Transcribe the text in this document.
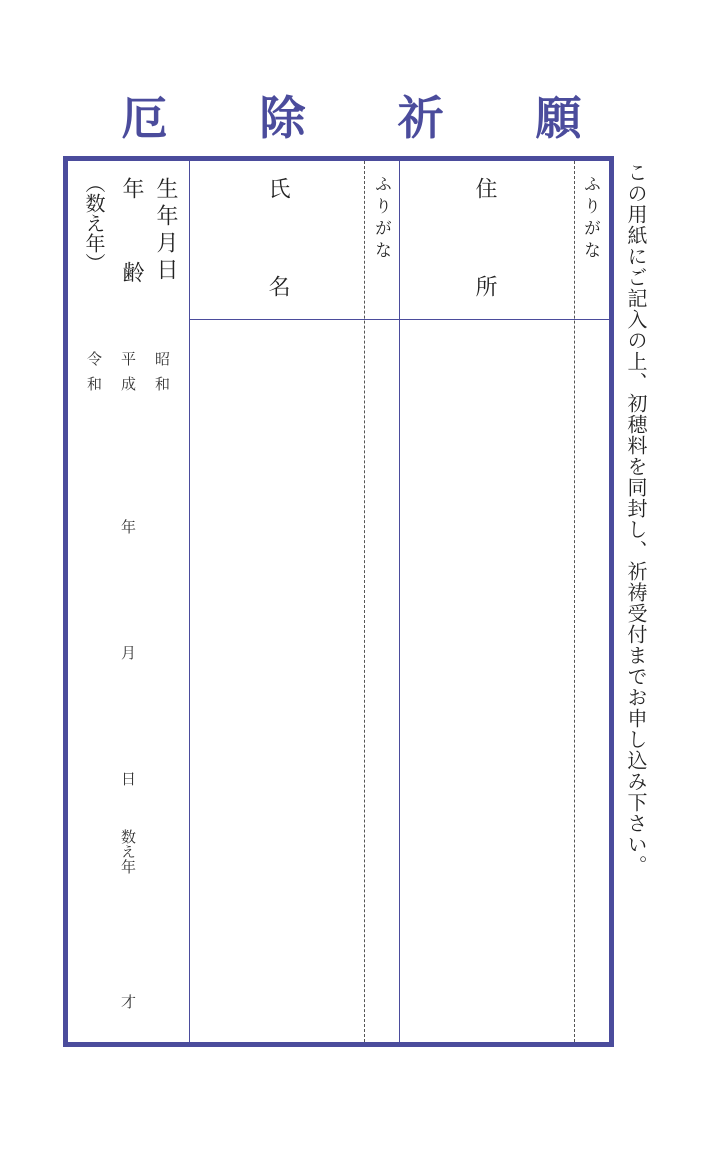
厄 除 祈 願
この用紙にご記入の上、初穂料を同封し、祈祷受付までお申し込み下さい。
ふりがな
住
所
ふりがな
氏
名
生年月日
年
齢
（数え年）
昭和
平成
令和
年
月
日
数え年
才
